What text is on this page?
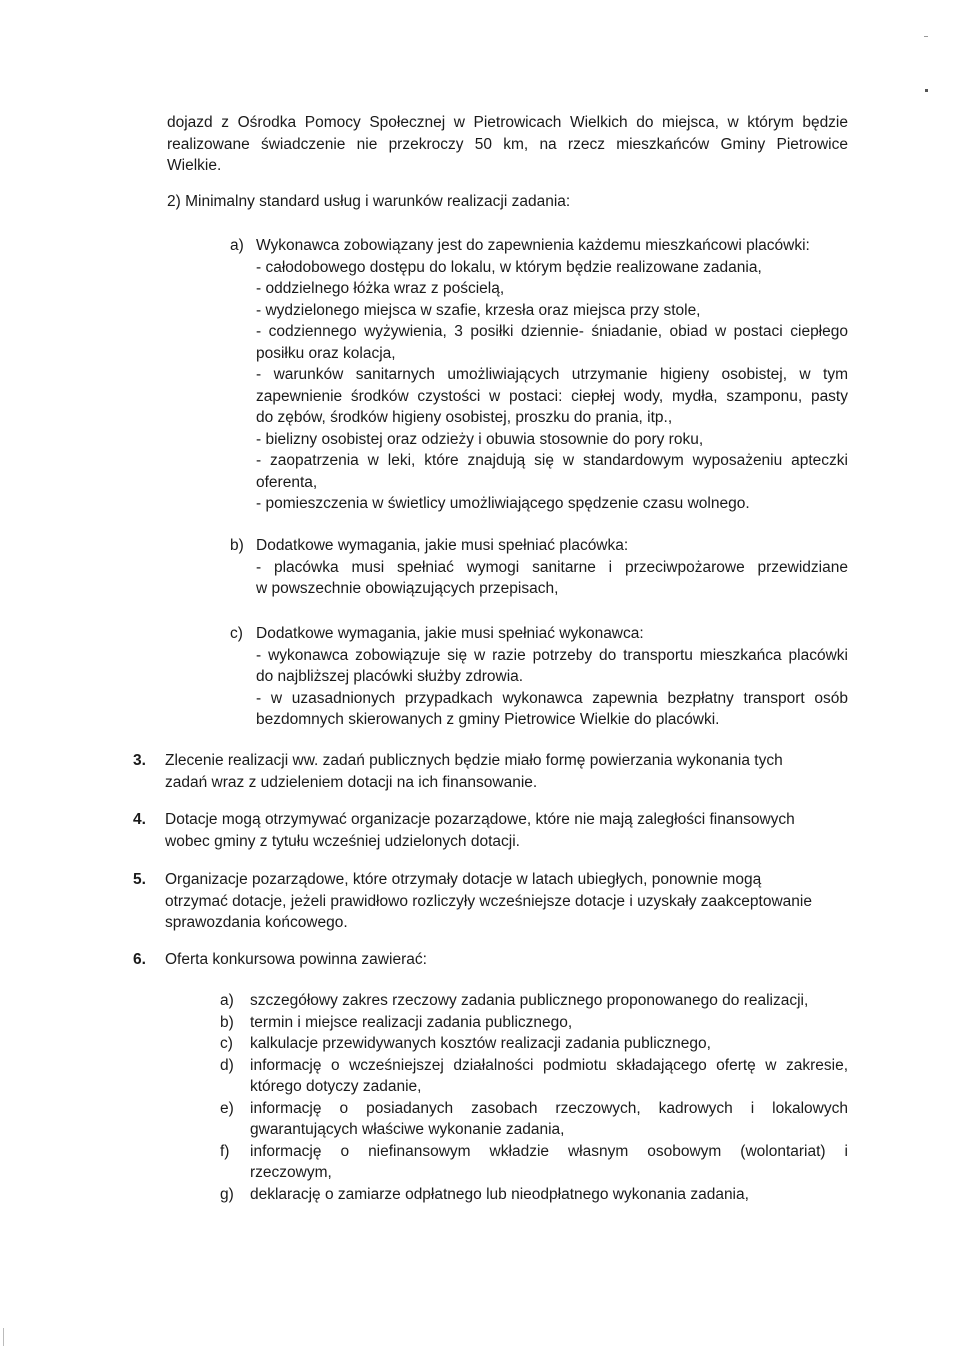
dojazd z Ośrodka Pomocy Społecznej w Pietrowicach Wielkich do miejsca, w którym będzie
realizowane świadczenie nie przekroczy 50 km, na rzecz mieszkańców Gminy Pietrowice
Wielkie.
2) Minimalny standard usług i warunków realizacji zadania:
a) Wykonawca zobowiązany jest do zapewnienia każdemu mieszkańcowi placówki:
- całodobowego dostępu do lokalu, w którym będzie realizowane zadania,
- oddzielnego łóżka wraz z pościelą,
- wydzielonego miejsca w szafie, krzesła oraz miejsca przy stole,
- codziennego wyżywienia, 3 posiłki dziennie- śniadanie, obiad w postaci ciepłego
posiłku oraz kolacja,
- warunków sanitarnych umożliwiających utrzymanie higieny osobistej, w tym
zapewnienie środków czystości w postaci: ciepłej wody, mydła, szamponu, pasty
do zębów, środków higieny osobistej, proszku do prania, itp.,
- bielizny osobistej oraz odzieży i obuwia stosownie do pory roku,
- zaopatrzenia w leki, które znajdują się w standardowym wyposażeniu apteczki
oferenta,
- pomieszczenia w świetlicy umożliwiającego spędzenie czasu wolnego.
b) Dodatkowe wymagania, jakie musi spełniać placówka:
- placówka musi spełniać wymogi sanitarne i przeciwpożarowe przewidziane
w powszechnie obowiązujących przepisach,
c) Dodatkowe wymagania, jakie musi spełniać wykonawca:
- wykonawca zobowiązuje się w razie potrzeby do transportu mieszkańca placówki
do najbliższej placówki służby zdrowia.
- w uzasadnionych przypadkach wykonawca zapewnia bezpłatny transport osób
bezdomnych skierowanych z gminy Pietrowice Wielkie do placówki.
3. Zlecenie realizacji ww. zadań publicznych będzie miało formę powierzania wykonania tych
zadań wraz z udzieleniem dotacji na ich finansowanie.
4. Dotacje mogą otrzymywać organizacje pozarządowe, które nie mają zaległości finansowych
wobec gminy z tytułu wcześniej udzielonych dotacji.
5. Organizacje pozarządowe, które otrzymały dotacje w latach ubiegłych, ponownie mogą
otrzymać dotacje, jeżeli prawidłowo rozliczyły wcześniejsze dotacje i uzyskały zaakceptowanie
sprawozdania końcowego.
6. Oferta konkursowa powinna zawierać:
a)	szczegółowy zakres rzeczowy zadania publicznego proponowanego do realizacji,
b)	termin i miejsce realizacji zadania publicznego,
c)	kalkulacje przewidywanych kosztów realizacji zadania publicznego,
d)	informację o wcześniejszej działalności podmiotu składającego ofertę w zakresie,
którego dotyczy zadanie,
e)	informację o posiadanych zasobach rzeczowych, kadrowych i lokalowych
gwarantujących właściwe wykonanie zadania,
f)	informację o niefinansowym wkładzie własnym osobowym (wolontariat) i
rzeczowym,
g)	deklarację o zamiarze odpłatnego lub nieodpłatnego wykonania zadania,
